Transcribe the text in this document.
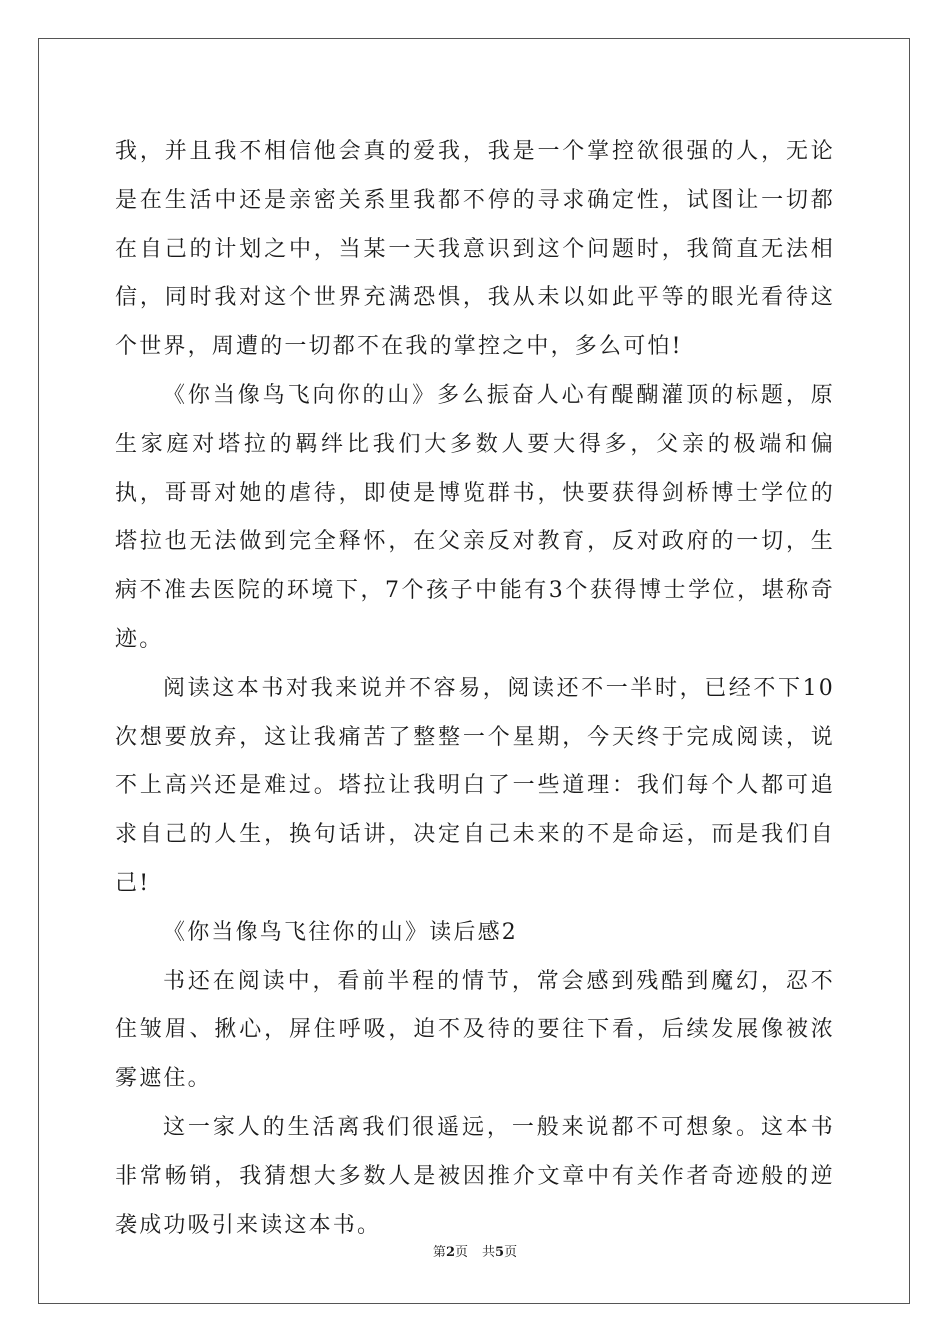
我，并且我不相信他会真的爱我，我是一个掌控欲很强的人，无论是在生活中还是亲密关系里我都不停的寻求确定性，试图让一切都在自己的计划之中，当某一天我意识到这个问题时，我简直无法相信，同时我对这个世界充满恐惧，我从未以如此平等的眼光看待这个世界，周遭的一切都不在我的掌控之中，多么可怕!

《你当像鸟飞向你的山》多么振奋人心有醍醐灌顶的标题，原生家庭对塔拉的羁绊比我们大多数人要大得多，父亲的极端和偏执，哥哥对她的虐待，即使是博览群书，快要获得剑桥博士学位的塔拉也无法做到完全释怀，在父亲反对教育，反对政府的一切，生病不准去医院的环境下，7个孩子中能有3个获得博士学位，堪称奇迹。

阅读这本书对我来说并不容易，阅读还不一半时，已经不下10次想要放弃，这让我痛苦了整整一个星期，今天终于完成阅读，说不上高兴还是难过。塔拉让我明白了一些道理：我们每个人都可追求自己的人生，换句话讲，决定自己未来的不是命运，而是我们自己!

《你当像鸟飞往你的山》读后感2

书还在阅读中，看前半程的情节，常会感到残酷到魔幻，忍不住皱眉、揪心，屏住呼吸，迫不及待的要往下看，后续发展像被浓雾遮住。

这一家人的生活离我们很遥远，一般来说都不可想象。这本书非常畅销，我猜想大多数人是被因推介文章中有关作者奇迹般的逆袭成功吸引来读这本书。

第2页 共5页
